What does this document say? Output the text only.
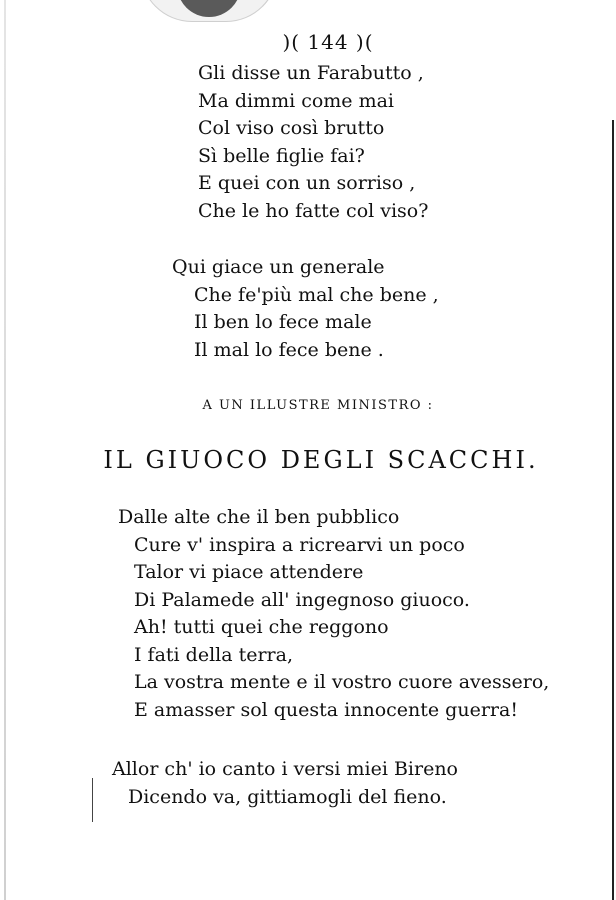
)( 144 )(
Gli disse un Farabutto ,
Ma dimmi come mai
Col viso così brutto
Sì belle figlie fai?
E quei con un sorriso ,
Che le ho fatte col viso?
Qui giace un generale
Che fe'più mal che bene ,
Il ben lo fece male
Il mal lo fece bene .
A UN ILLUSTRE MINISTRO :
IL GIUOCO DEGLI SCACCHI.
Dalle alte che il ben pubblico
Cure v' inspira a ricrearvi un poco
Talor vi piace attendere
Di Palamede all' ingegnoso giuoco.
Ah! tutti quei che reggono
I fati della terra,
La vostra mente e il vostro cuore avessero,
E amasser sol questa innocente guerra!
Allor ch' io canto i versi miei Bireno
Dicendo va, gittiamogli del fieno.
